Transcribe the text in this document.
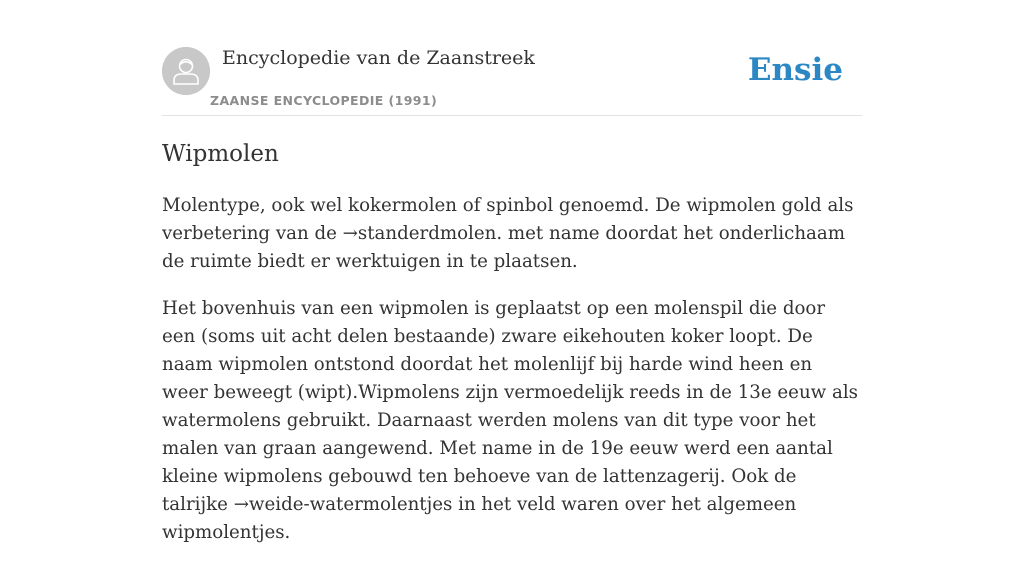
Encyclopedie van de Zaanstreek
ZAANSE ENCYCLOPEDIE (1991)
Ensie
Wipmolen

Molentype, ook wel kokermolen of spinbol genoemd. De wipmolen gold als verbetering van de →standerdmolen. met name doordat het onderlichaam de ruimte biedt er werktuigen in te plaatsen.

Het bovenhuis van een wipmolen is geplaatst op een molenspil die door een (soms uit acht delen bestaande) zware eikehouten koker loopt. De naam wipmolen ontstond doordat het molenlijf bij harde wind heen en weer beweegt (wipt).Wipmolens zijn vermoedelijk reeds in de 13e eeuw als watermolens gebruikt. Daarnaast werden molens van dit type voor het malen van graan aangewend. Met name in de 19e eeuw werd een aantal kleine wipmolens gebouwd ten behoeve van de lattenzagerij. Ook de talrijke →weide-watermolentjes in het veld waren over het algemeen wipmolentjes.
